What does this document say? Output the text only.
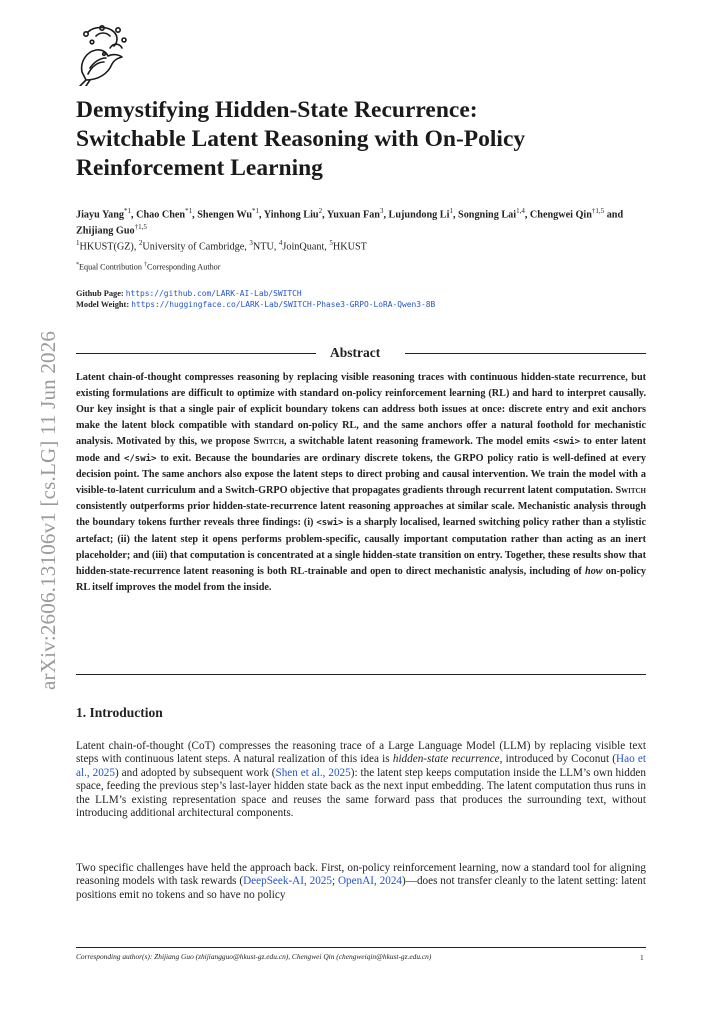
arXiv:2606.13106v1 [cs.LG] 11 Jun 2026
Demystifying Hidden-State Recurrence:
Switchable Latent Reasoning with On-Policy
Reinforcement Learning
Jiayu Yang$^{*1}$, Chao Chen$^{*1}$, Shengen Wu$^{*1}$, Yinhong Liu$^2$, Yuxuan Fan$^3$, Lujundong Li$^1$, Songning Lai$^{1,4}$, Chengwei Qin$^{\dagger 1,5}$ and Zhijiang Guo$^{\dagger 1,5}$
$^1$HKUST(GZ), $^2$University of Cambridge, $^3$NTU, $^4$JoinQuant, $^5$HKUST
*Equal Contribution †Corresponding Author
Github Page: https://github.com/LARK-AI-Lab/SWITCH
Model Weight: https://huggingface.co/LARK-Lab/SWITCH-Phase3-GRPO-LoRA-Qwen3-8B
Abstract

Latent chain-of-thought compresses reasoning by replacing visible reasoning traces with continuous hidden-state recurrence, but existing formulations are difficult to optimize with standard on-policy reinforcement learning (RL) and hard to interpret causally. Our key insight is that a single pair of explicit boundary tokens can address both issues at once: discrete entry and exit anchors make the latent block compatible with standard on-policy RL, and the same anchors offer a natural foothold for mechanistic analysis. Motivated by this, we propose Switch, a switchable latent reasoning framework. The model emits <swi> to enter latent mode and </swi> to exit. Because the boundaries are ordinary discrete tokens, the GRPO policy ratio is well-defined at every decision point. The same anchors also expose the latent steps to direct probing and causal intervention. We train the model with a visible-to-latent curriculum and a Switch-GRPO objective that propagates gradients through recurrent latent computation. Switch consistently outperforms prior hidden-state-recurrence latent reasoning approaches at similar scale. Mechanistic analysis through the boundary tokens further reveals three findings: (i) <swi> is a sharply localised, learned switching policy rather than a stylistic artefact; (ii) the latent step it opens performs problem-specific, causally important computation rather than acting as an inert placeholder; and (iii) that computation is concentrated at a single hidden-state transition on entry. Together, these results show that hidden-state-recurrence latent reasoning is both RL-trainable and open to direct mechanistic analysis, including of how on-policy RL itself improves the model from the inside.

1. Introduction

Latent chain-of-thought (CoT) compresses the reasoning trace of a Large Language Model (LLM) by replacing visible text steps with continuous latent steps. A natural realization of this idea is hidden-state recurrence, introduced by Coconut (Hao et al., 2025) and adopted by subsequent work (Shen et al., 2025): the latent step keeps computation inside the LLM’s own hidden space, feeding the previous step’s last-layer hidden state back as the next input embedding. The latent computation thus runs in the LLM’s existing representation space and reuses the same forward pass that produces the surrounding text, without introducing additional architectural components.

Two specific challenges have held the approach back. First, on-policy reinforcement learning, now a standard tool for aligning reasoning models with task rewards (DeepSeek-AI, 2025; OpenAI, 2024)—does not transfer cleanly to the latent setting: latent positions emit no tokens and so have no policy

Corresponding author(s): Zhijiang Guo (zhijiangguo@hkust-gz.edu.cn), Chengwei Qin (chengweiqin@hkust-gz.edu.cn)	1
